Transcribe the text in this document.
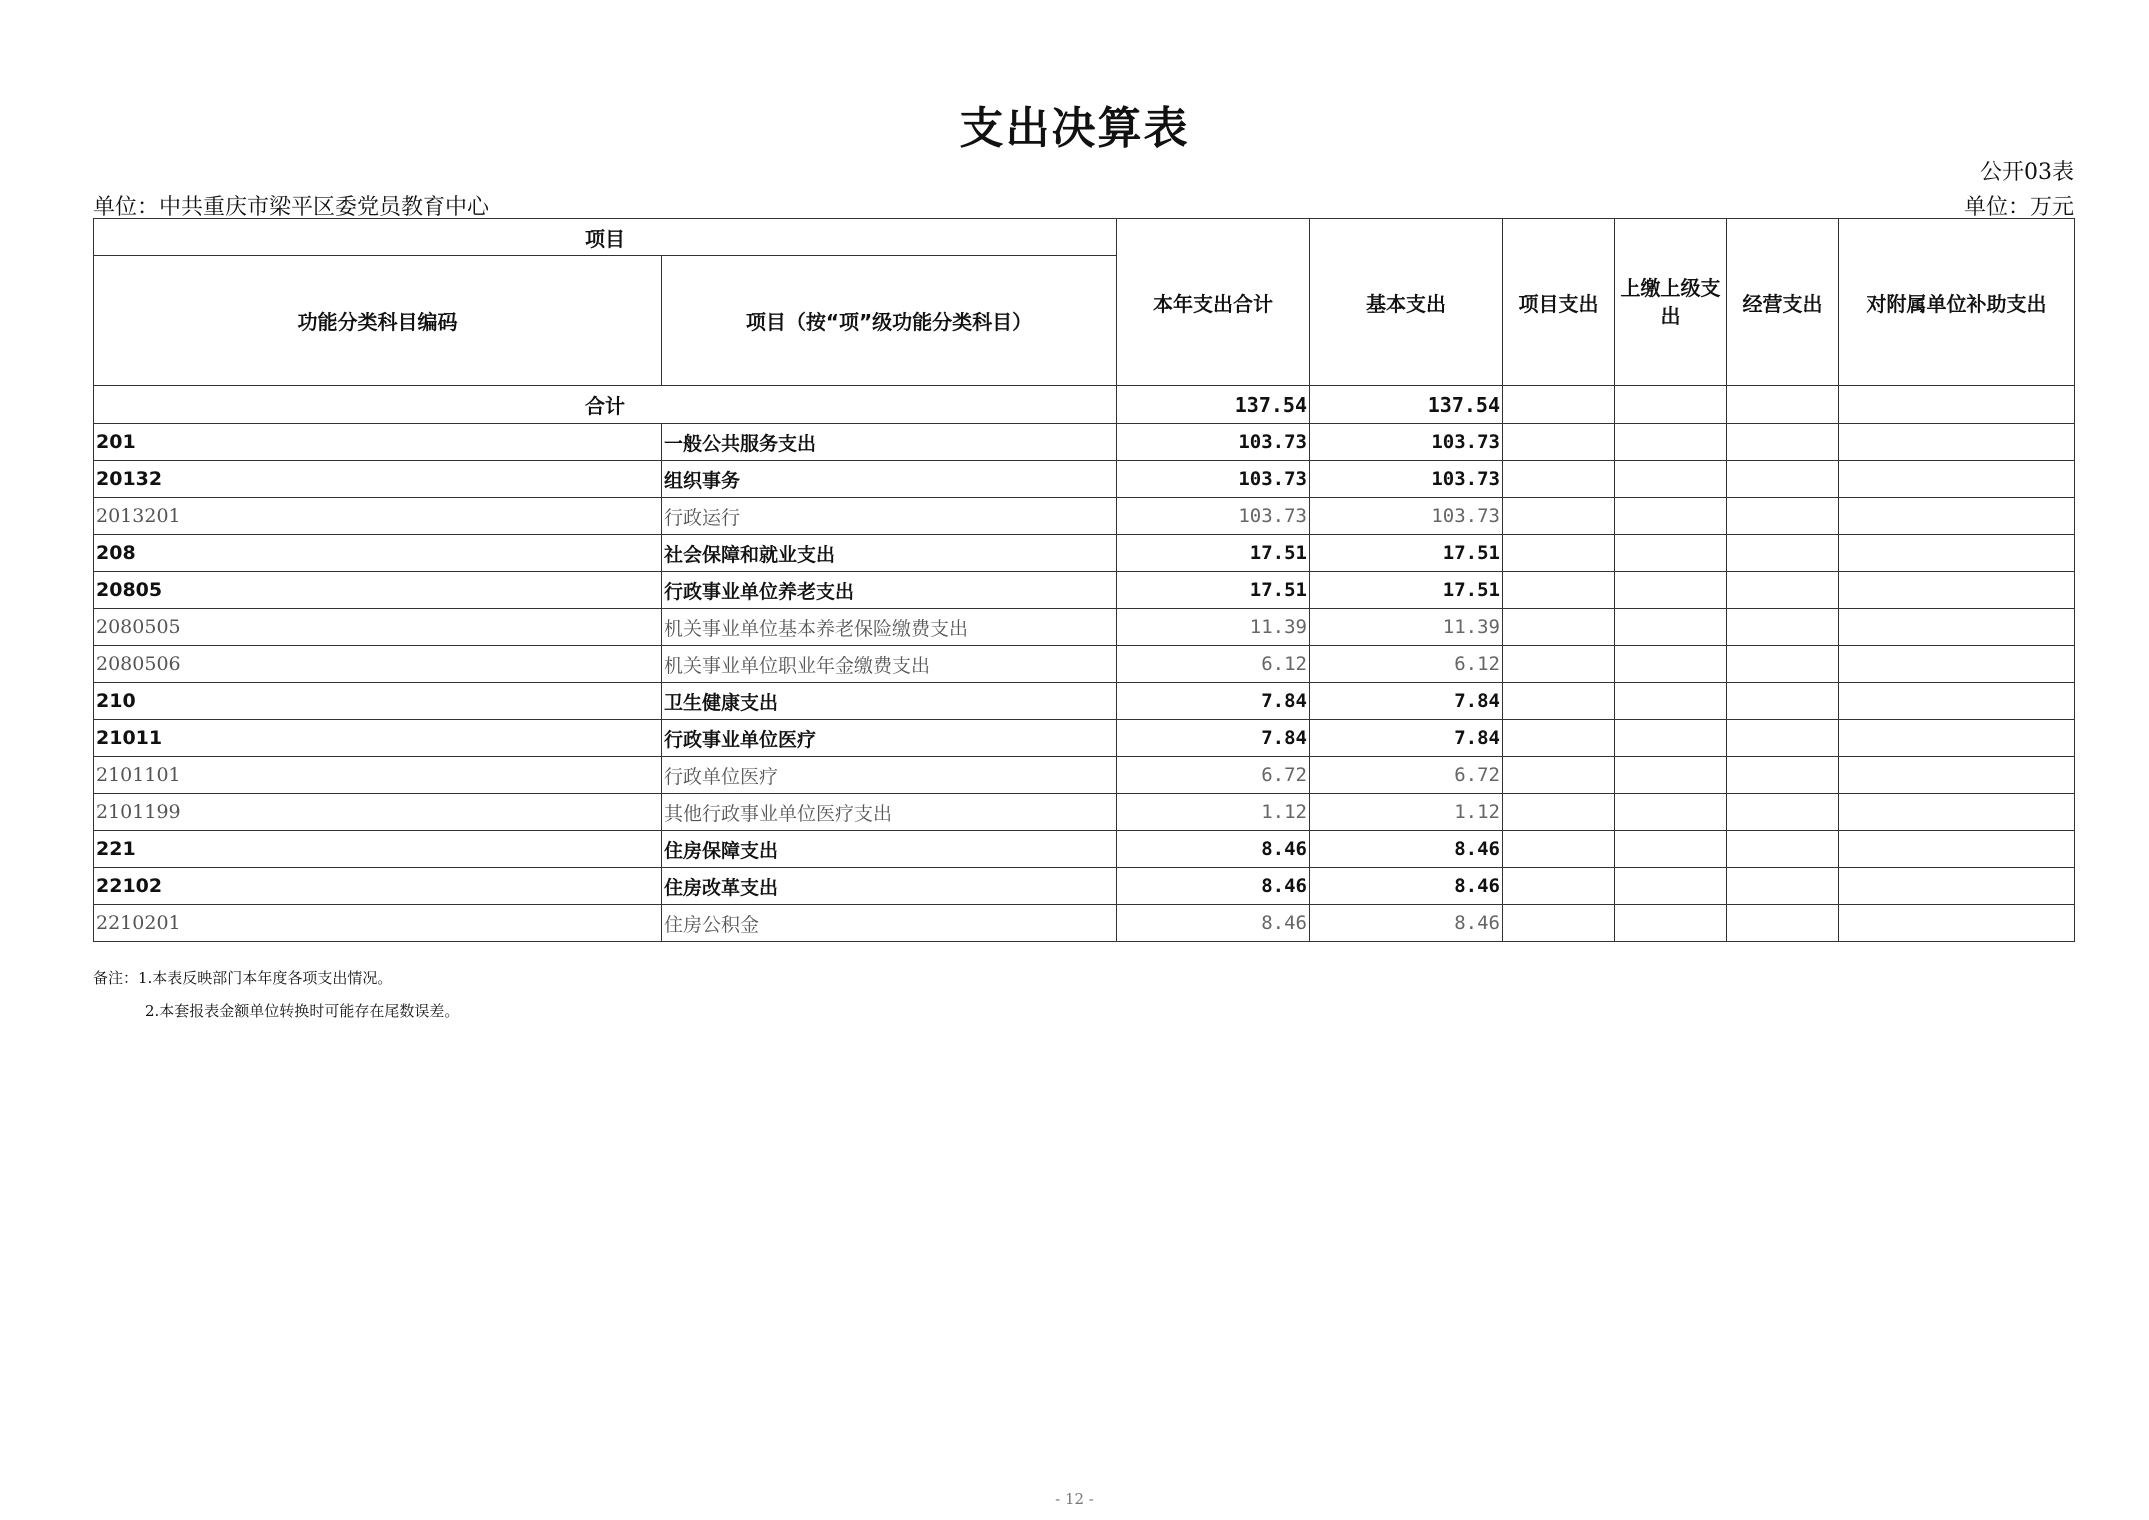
支出决算表
公开03表
单位：中共重庆市梁平区委党员教育中心	单位：万元
项目		本年支出合计	基本支出	项目支出	上缴上级支出	经营支出	对附属单位补助支出
功能分类科目编码	项目（按“项”级功能分类科目）						
合计		137.54	137.54				
201	一般公共服务支出	103.73	103.73				
20132	组织事务	103.73	103.73				
2013201	行政运行	103.73	103.73				
208	社会保障和就业支出	17.51	17.51				
20805	行政事业单位养老支出	17.51	17.51				
2080505	机关事业单位基本养老保险缴费支出	11.39	11.39				
2080506	机关事业单位职业年金缴费支出	6.12	6.12				
210	卫生健康支出	7.84	7.84				
21011	行政事业单位医疗	7.84	7.84				
2101101	行政单位医疗	6.72	6.72				
2101199	其他行政事业单位医疗支出	1.12	1.12				
221	住房保障支出	8.46	8.46				
22102	住房改革支出	8.46	8.46				
2210201	住房公积金	8.46	8.46				
备注：1.本表反映部门本年度各项支出情况。
2.本套报表金额单位转换时可能存在尾数误差。
- 12 -
